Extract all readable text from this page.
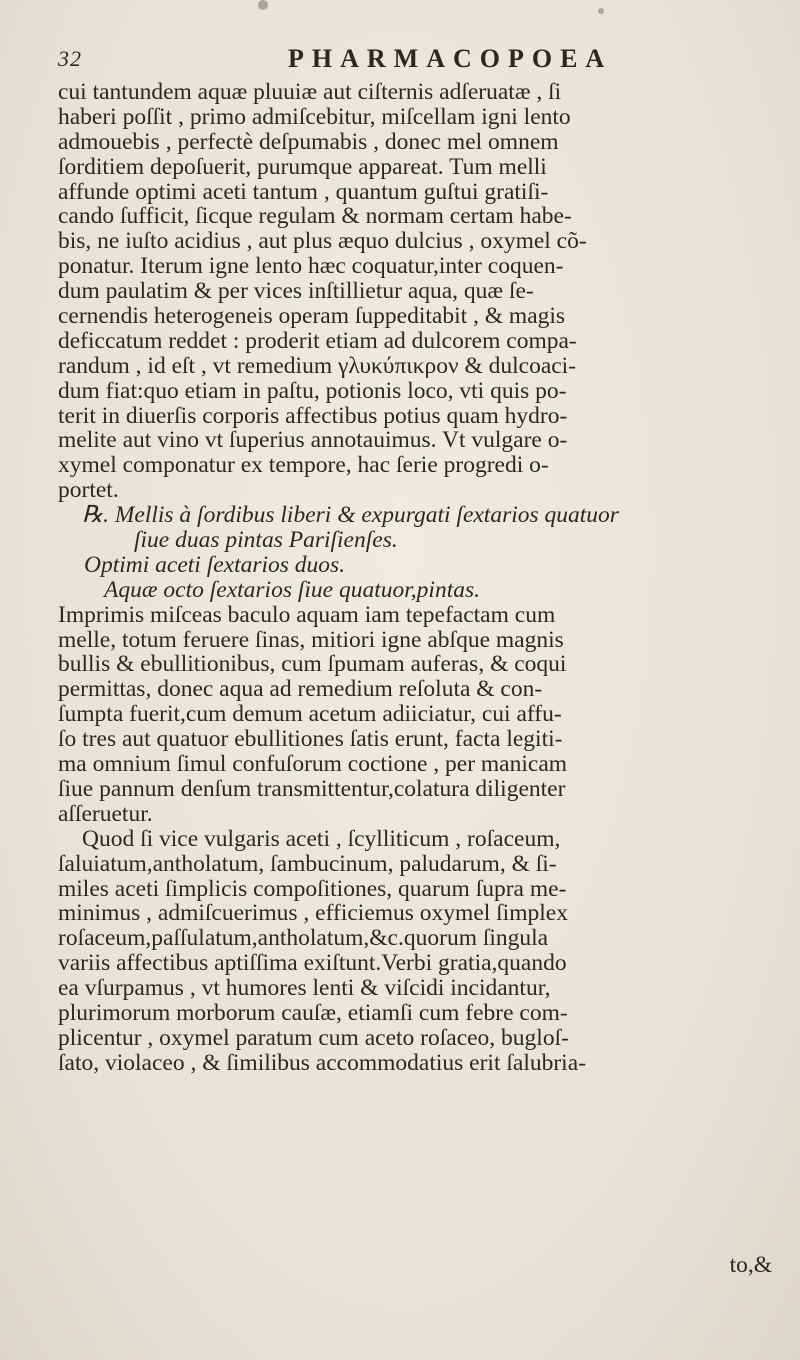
32	PHARMACOPOEA
cui tantundem aquæ pluuiæ aut ciſternis adſeruatæ , ſi
haberi poſſit , primo admiſcebitur, miſcellam igni lento
admouebis , perfectè deſpumabis , donec mel omnem
ſorditiem depoſuerit, purumque appareat. Tum melli
affunde optimi aceti tantum , quantum guſtui gratiſi-
cando ſufficit, ſicque regulam & normam certam habe-
bis, ne iuſto acidius , aut plus æquo dulcius , oxymel cõ-
ponatur. Iterum igne lento hæc coquatur,inter coquen-
dum paulatim & per vices inſtillietur aqua, quæ ſe-
cernendis heterogeneis operam ſuppeditabit , & magis
deficcatum reddet : proderit etiam ad dulcorem compa-
randum , id eſt , vt remedium γλυκύπικρον & dulcoaci-
dum fiat:quo etiam in paſtu, potionis loco, vti quis po-
terit in diuerſis corporis affectibus potius quam hydro-
melite aut vino vt ſuperius annotauimus. Vt vulgare o-
xymel componatur ex tempore, hac ſerie progredi o-
portet.
℞. Mellis à ſordibus liberi & expurgati ſextarios quatuor
ſiue duas pintas Pariſienſes.
Optimi aceti ſextarios duos.
Aquæ octo ſextarios ſiue quatuor,pintas.
Imprimis miſceas baculo aquam iam tepefactam cum
melle, totum feruere ſinas, mitiori igne abſque magnis
bullis & ebullitionibus, cum ſpumam auferas, & coqui
permittas, donec aqua ad remedium reſoluta & con-
ſumpta fuerit,cum demum acetum adiiciatur, cui affu-
ſo tres aut quatuor ebullitiones ſatis erunt, facta legiti-
ma omnium ſimul confuſorum coctione , per manicam
ſiue pannum denſum transmittentur,colatura diligenter
aſſeruetur.
Quod ſi vice vulgaris aceti , ſcylliticum , roſaceum,
ſaluiatum,antholatum, ſambucinum, paludarum, & ſi-
miles aceti ſimplicis compoſitiones, quarum ſupra me-
minimus , admiſcuerimus , efficiemus oxymel ſimplex
roſaceum,paſſulatum,antholatum,&c.quorum ſingula
variis affectibus aptiſſima exiſtunt.Verbi gratia,quando
ea vſurpamus , vt humores lenti & viſcidi incidantur,
plurimorum morborum cauſæ, etiamſi cum febre com-
plicentur , oxymel paratum cum aceto roſaceo, bugloſ-
ſato, violaceo , & ſimilibus accommodatius erit ſalubria-
to,&
